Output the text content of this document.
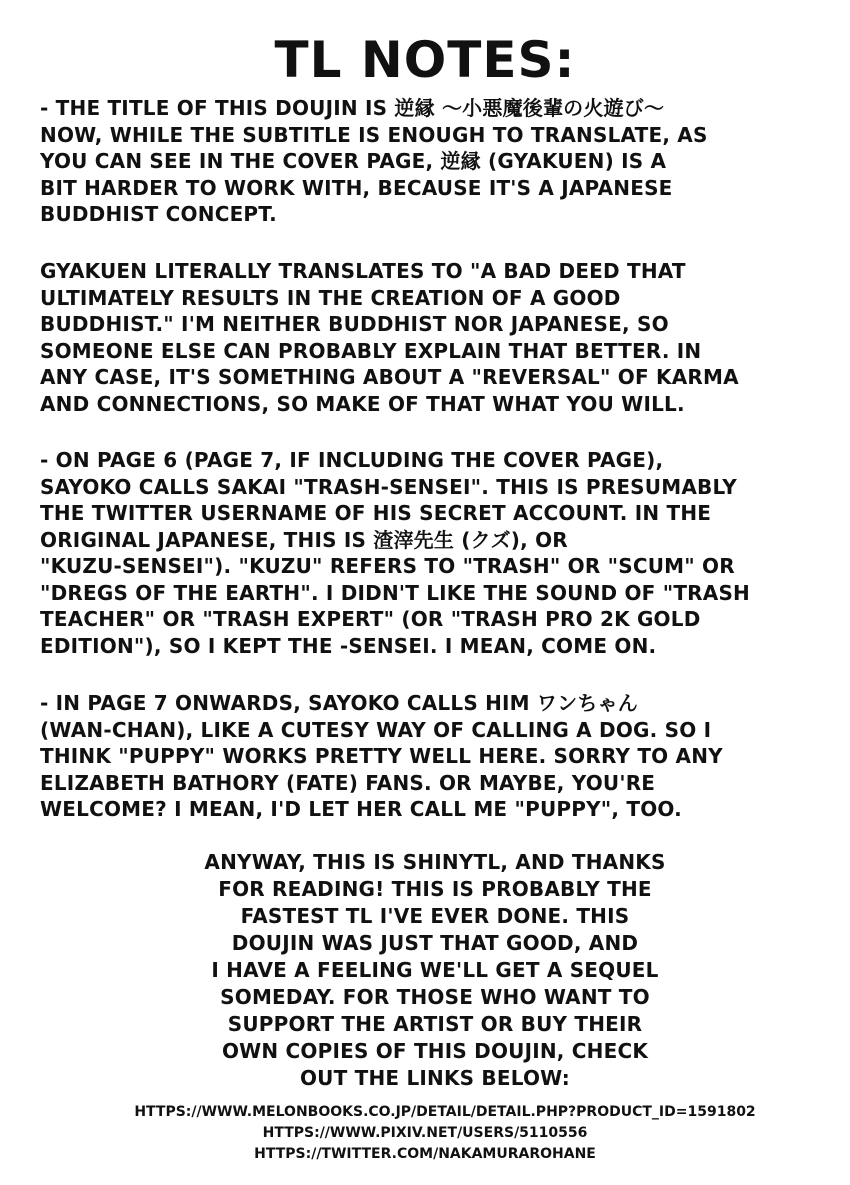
TL NOTES:
- THE TITLE OF THIS DOUJIN IS 逆縁 〜小悪魔後輩の火遊び〜
NOW, WHILE THE SUBTITLE IS ENOUGH TO TRANSLATE, AS
YOU CAN SEE IN THE COVER PAGE, 逆縁 (GYAKUEN) IS A
BIT HARDER TO WORK WITH, BECAUSE IT'S A JAPANESE
BUDDHIST CONCEPT.
GYAKUEN LITERALLY TRANSLATES TO "A BAD DEED THAT
ULTIMATELY RESULTS IN THE CREATION OF A GOOD
BUDDHIST." I'M NEITHER BUDDHIST NOR JAPANESE, SO
SOMEONE ELSE CAN PROBABLY EXPLAIN THAT BETTER. IN
ANY CASE, IT'S SOMETHING ABOUT A "REVERSAL" OF KARMA
AND CONNECTIONS, SO MAKE OF THAT WHAT YOU WILL.
- ON PAGE 6 (PAGE 7, IF INCLUDING THE COVER PAGE),
SAYOKO CALLS SAKAI "TRASH-SENSEI". THIS IS PRESUMABLY
THE TWITTER USERNAME OF HIS SECRET ACCOUNT. IN THE
ORIGINAL JAPANESE, THIS IS 渣滓先生 (クズ), OR
"KUZU-SENSEI"). "KUZU" REFERS TO "TRASH" OR "SCUM" OR
"DREGS OF THE EARTH". I DIDN'T LIKE THE SOUND OF "TRASH
TEACHER" OR "TRASH EXPERT" (OR "TRASH PRO 2K GOLD
EDITION"), SO I KEPT THE -SENSEI. I MEAN, COME ON.
- IN PAGE 7 ONWARDS, SAYOKO CALLS HIM ワンちゃん
(WAN-CHAN), LIKE A CUTESY WAY OF CALLING A DOG. SO I
THINK "PUPPY" WORKS PRETTY WELL HERE. SORRY TO ANY
ELIZABETH BATHORY (FATE) FANS. OR MAYBE, YOU'RE
WELCOME? I MEAN, I'D LET HER CALL ME "PUPPY", TOO.
ANYWAY, THIS IS SHINYTL, AND THANKS
FOR READING! THIS IS PROBABLY THE
FASTEST TL I'VE EVER DONE. THIS
DOUJIN WAS JUST THAT GOOD, AND
I HAVE A FEELING WE'LL GET A SEQUEL
SOMEDAY. FOR THOSE WHO WANT TO
SUPPORT THE ARTIST OR BUY THEIR
OWN COPIES OF THIS DOUJIN, CHECK
OUT THE LINKS BELOW:
HTTPS://WWW.MELONBOOKS.CO.JP/DETAIL/DETAIL.PHP?PRODUCT_ID=1591802
HTTPS://WWW.PIXIV.NET/USERS/5110556
HTTPS://TWITTER.COM/NAKAMURAROHANE
